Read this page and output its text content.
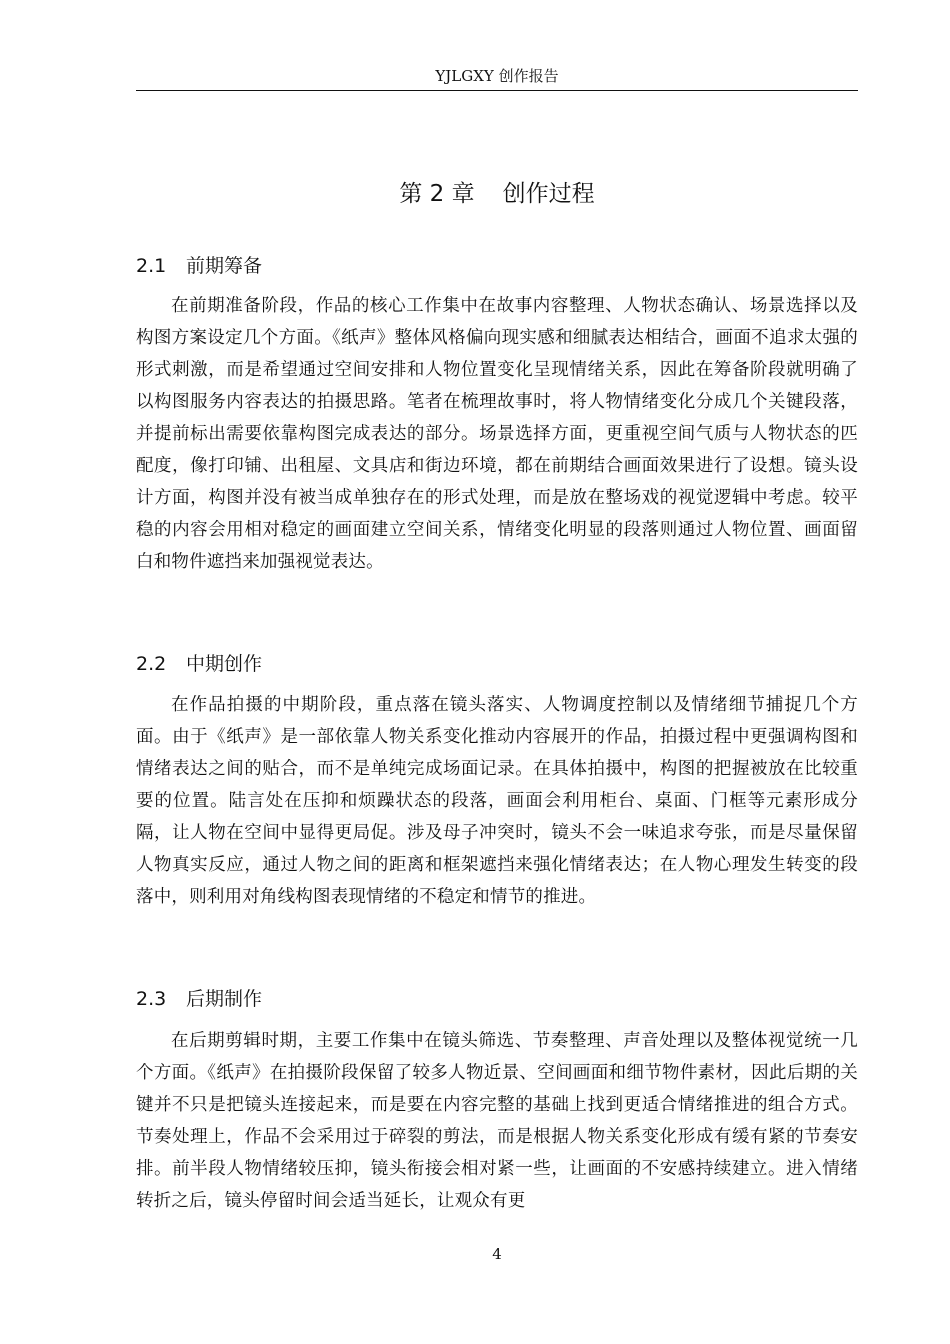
YJLGXY 创作报告
第 2 章 创作过程
2.1 前期筹备

在前期准备阶段，作品的核心工作集中在故事内容整理、人物状态确认、场景选择以及构图方案设定几个方面。《纸声》整体风格偏向现实感和细腻表达相结合，画面不追求太强的形式刺激，而是希望通过空间安排和人物位置变化呈现情绪关系，因此在筹备阶段就明确了以构图服务内容表达的拍摄思路。笔者在梳理故事时，将人物情绪变化分成几个关键段落，并提前标出需要依靠构图完成表达的部分。场景选择方面，更重视空间气质与人物状态的匹配度，像打印铺、出租屋、文具店和街边环境，都在前期结合画面效果进行了设想。镜头设计方面，构图并没有被当成单独存在的形式处理，而是放在整场戏的视觉逻辑中考虑。较平稳的内容会用相对稳定的画面建立空间关系，情绪变化明显的段落则通过人物位置、画面留白和物件遮挡来加强视觉表达。

2.2 中期创作

在作品拍摄的中期阶段，重点落在镜头落实、人物调度控制以及情绪细节捕捉几个方面。由于《纸声》是一部依靠人物关系变化推动内容展开的作品，拍摄过程中更强调构图和情绪表达之间的贴合，而不是单纯完成场面记录。在具体拍摄中，构图的把握被放在比较重要的位置。陆言处在压抑和烦躁状态的段落，画面会利用柜台、桌面、门框等元素形成分隔，让人物在空间中显得更局促。涉及母子冲突时，镜头不会一味追求夸张，而是尽量保留人物真实反应，通过人物之间的距离和框架遮挡来强化情绪表达；在人物心理发生转变的段落中，则利用对角线构图表现情绪的不稳定和情节的推进。

2.3 后期制作

在后期剪辑时期，主要工作集中在镜头筛选、节奏整理、声音处理以及整体视觉统一几个方面。《纸声》在拍摄阶段保留了较多人物近景、空间画面和细节物件素材，因此后期的关键并不只是把镜头连接起来，而是要在内容完整的基础上找到更适合情绪推进的组合方式。节奏处理上，作品不会采用过于碎裂的剪法，而是根据人物关系变化形成有缓有紧的节奏安排。前半段人物情绪较压抑，镜头衔接会相对紧一些，让画面的不安感持续建立。进入情绪转折之后，镜头停留时间会适当延长，让观众有更

4
